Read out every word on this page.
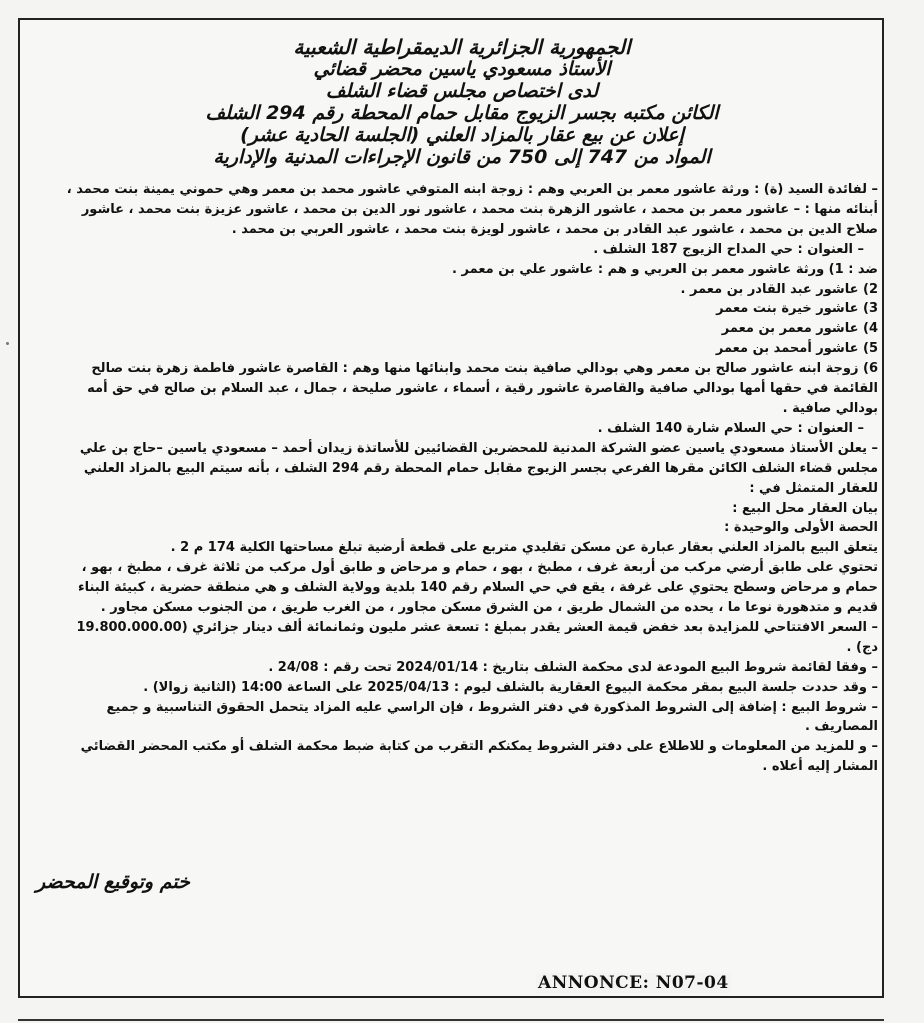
الجمهورية الجزائرية الديمقراطية الشعبية
الأستاذ مسعودي ياسين محضر قضائي
لدى اختصاص مجلس قضاء الشلف
الكائن مكتبه بجسر الزيوج مقابل حمام المحطة رقم 294 الشلف
إعلان عن بيع عقار بالمزاد العلني (الجلسة الحادية عشر)
المواد من 747 إلى 750 من قانون الإجراءات المدنية والإدارية
– لفائدة السيد (ة) : ورثة عاشور معمر بن العربي وهم : زوجة ابنه المتوفي عاشور محمد بن معمر وهي حموني يمينة بنت محمد ،
أبنائه منها : – عاشور معمر بن محمد ، عاشور الزهرة بنت محمد ، عاشور نور الدين بن محمد ، عاشور عزيزة بنت محمد ، عاشور
صلاح الدين بن محمد ، عاشور عبد القادر بن محمد ، عاشور لويزة بنت محمد ، عاشور العربي بن محمد .
– العنوان : حي المداح الزيوج 187 الشلف .
ضد : 1) ورثة عاشور معمر بن العربي و هم : عاشور علي بن معمر .
2) عاشور عبد القادر بن معمر .
3) عاشور خيرة بنت معمر
4) عاشور معمر بن معمر
5) عاشور أمحمد بن معمر
6) زوجة ابنه عاشور صالح بن معمر وهي بودالي صافية بنت محمد وابنائها منها وهم : القاصرة عاشور فاطمة زهرة بنت صالح
القائمة في حقها أمها بودالي صافية والقاصرة عاشور رقية ، أسماء ، عاشور صليحة ، جمال ، عبد السلام بن صالح في حق أمه
بودالي صافية .
– العنوان : حي السلام شارة 140 الشلف .
– يعلن الأستاذ مسعودي ياسين عضو الشركة المدنية للمحضرين القضائيين للأساتذة زيدان أحمد – مسعودي ياسين –حاج بن علي
مجلس قضاء الشلف الكائن مقرها الفرعي بجسر الزيوج مقابل حمام المحطة رقم 294 الشلف ، بأنه سيتم البيع بالمزاد العلني
للعقار المتمثل في :
بيان العقار محل البيع :
الحصة الأولى والوحيدة :
يتعلق البيع بالمزاد العلني بعقار عبارة عن مسكن تقليدي متربع على قطعة أرضية تبلغ مساحتها الكلية 174 م 2 .
تحتوي على طابق أرضي مركب من أربعة غرف ، مطبخ ، بهو ، حمام و مرحاض و طابق أول مركب من ثلاثة غرف ، مطبخ ، بهو ،
حمام و مرحاض وسطح يحتوي على غرفة ، يقع في حي السلام رقم 140 بلدية وولاية الشلف و هي منطقة حضرية ، كبيئة البناء
قديم و متدهورة نوعا ما ، يحده من الشمال طريق ، من الشرق مسكن مجاور ، من الغرب طريق ، من الجنوب مسكن مجاور .
– السعر الافتتاحي للمزايدة بعد خفض قيمة العشر يقدر بمبلغ : تسعة عشر مليون وثمانمائة ألف دينار جزائري (19.800.000.00
دج) .
– وفقا لقائمة شروط البيع المودعة لدى محكمة الشلف بتاريخ : 2024/01/14 تحت رقم : 24/08 .
– وقد حددت جلسة البيع بمقر محكمة البيوع العقارية بالشلف ليوم : 2025/04/13 على الساعة 14:00 (الثانية زوالا) .
– شروط البيع : إضافة إلى الشروط المذكورة في دفتر الشروط ، فإن الراسي عليه المزاد يتحمل الحقوق التناسبية و جميع
المصاريف .
– و للمزيد من المعلومات و للاطلاع على دفتر الشروط يمكنكم التقرب من كتابة ضبط محكمة الشلف أو مكتب المحضر القضائي
المشار إليه أعلاه .
ختم وتوقيع المحضر
ANNONCE: N07-04
